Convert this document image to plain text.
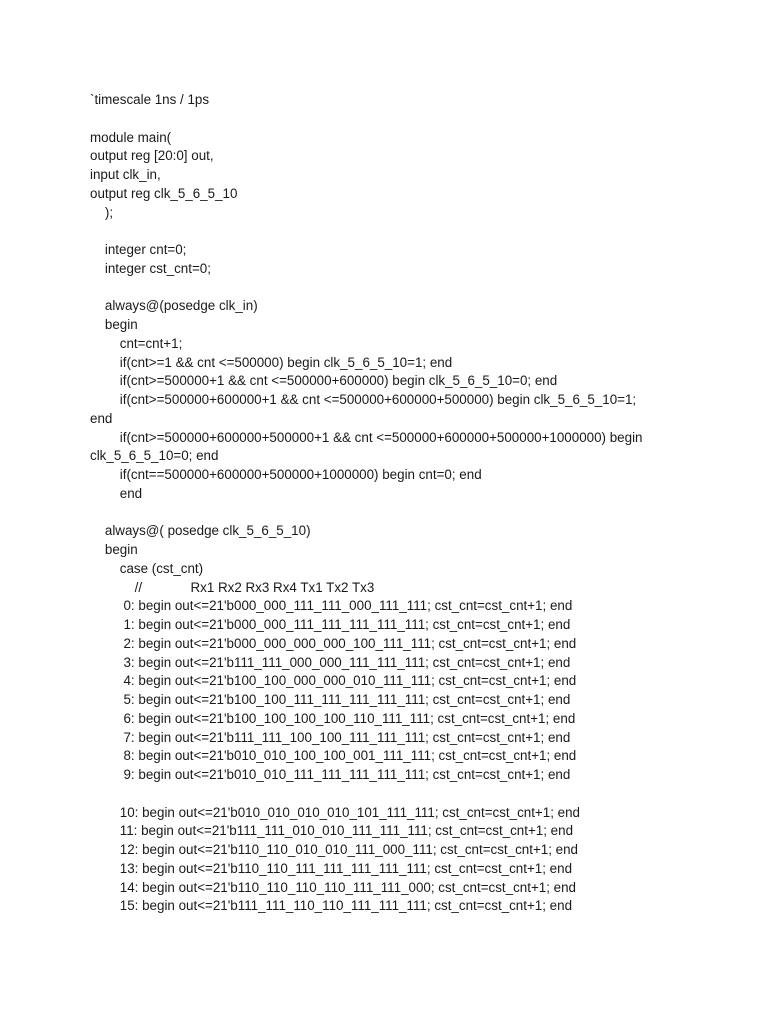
`timescale 1ns / 1ps
module main(
output reg [20:0] out,
input clk_in,
output reg clk_5_6_5_10
);
integer cnt=0;
integer cst_cnt=0;
always@(posedge clk_in)
begin
cnt=cnt+1;
if(cnt>=1 && cnt <=500000) begin clk_5_6_5_10=1; end
if(cnt>=500000+1 && cnt <=500000+600000) begin clk_5_6_5_10=0; end
if(cnt>=500000+600000+1 && cnt <=500000+600000+500000) begin clk_5_6_5_10=1;
end
if(cnt>=500000+600000+500000+1 && cnt <=500000+600000+500000+1000000) begin
clk_5_6_5_10=0; end
if(cnt==500000+600000+500000+1000000) begin cnt=0; end
end
always@( posedge clk_5_6_5_10)
begin
case (cst_cnt)
//             Rx1 Rx2 Rx3 Rx4 Tx1 Tx2 Tx3
0: begin out<=21'b000_000_111_111_000_111_111; cst_cnt=cst_cnt+1; end
1: begin out<=21'b000_000_111_111_111_111_111; cst_cnt=cst_cnt+1; end
2: begin out<=21'b000_000_000_000_100_111_111; cst_cnt=cst_cnt+1; end
3: begin out<=21'b111_111_000_000_111_111_111; cst_cnt=cst_cnt+1; end
4: begin out<=21'b100_100_000_000_010_111_111; cst_cnt=cst_cnt+1; end
5: begin out<=21'b100_100_111_111_111_111_111; cst_cnt=cst_cnt+1; end
6: begin out<=21'b100_100_100_100_110_111_111; cst_cnt=cst_cnt+1; end
7: begin out<=21'b111_111_100_100_111_111_111; cst_cnt=cst_cnt+1; end
8: begin out<=21'b010_010_100_100_001_111_111; cst_cnt=cst_cnt+1; end
9: begin out<=21'b010_010_111_111_111_111_111; cst_cnt=cst_cnt+1; end
10: begin out<=21'b010_010_010_010_101_111_111; cst_cnt=cst_cnt+1; end
11: begin out<=21'b111_111_010_010_111_111_111; cst_cnt=cst_cnt+1; end
12: begin out<=21'b110_110_010_010_111_000_111; cst_cnt=cst_cnt+1; end
13: begin out<=21'b110_110_111_111_111_111_111; cst_cnt=cst_cnt+1; end
14: begin out<=21'b110_110_110_110_111_111_000; cst_cnt=cst_cnt+1; end
15: begin out<=21'b111_111_110_110_111_111_111; cst_cnt=cst_cnt+1; end
